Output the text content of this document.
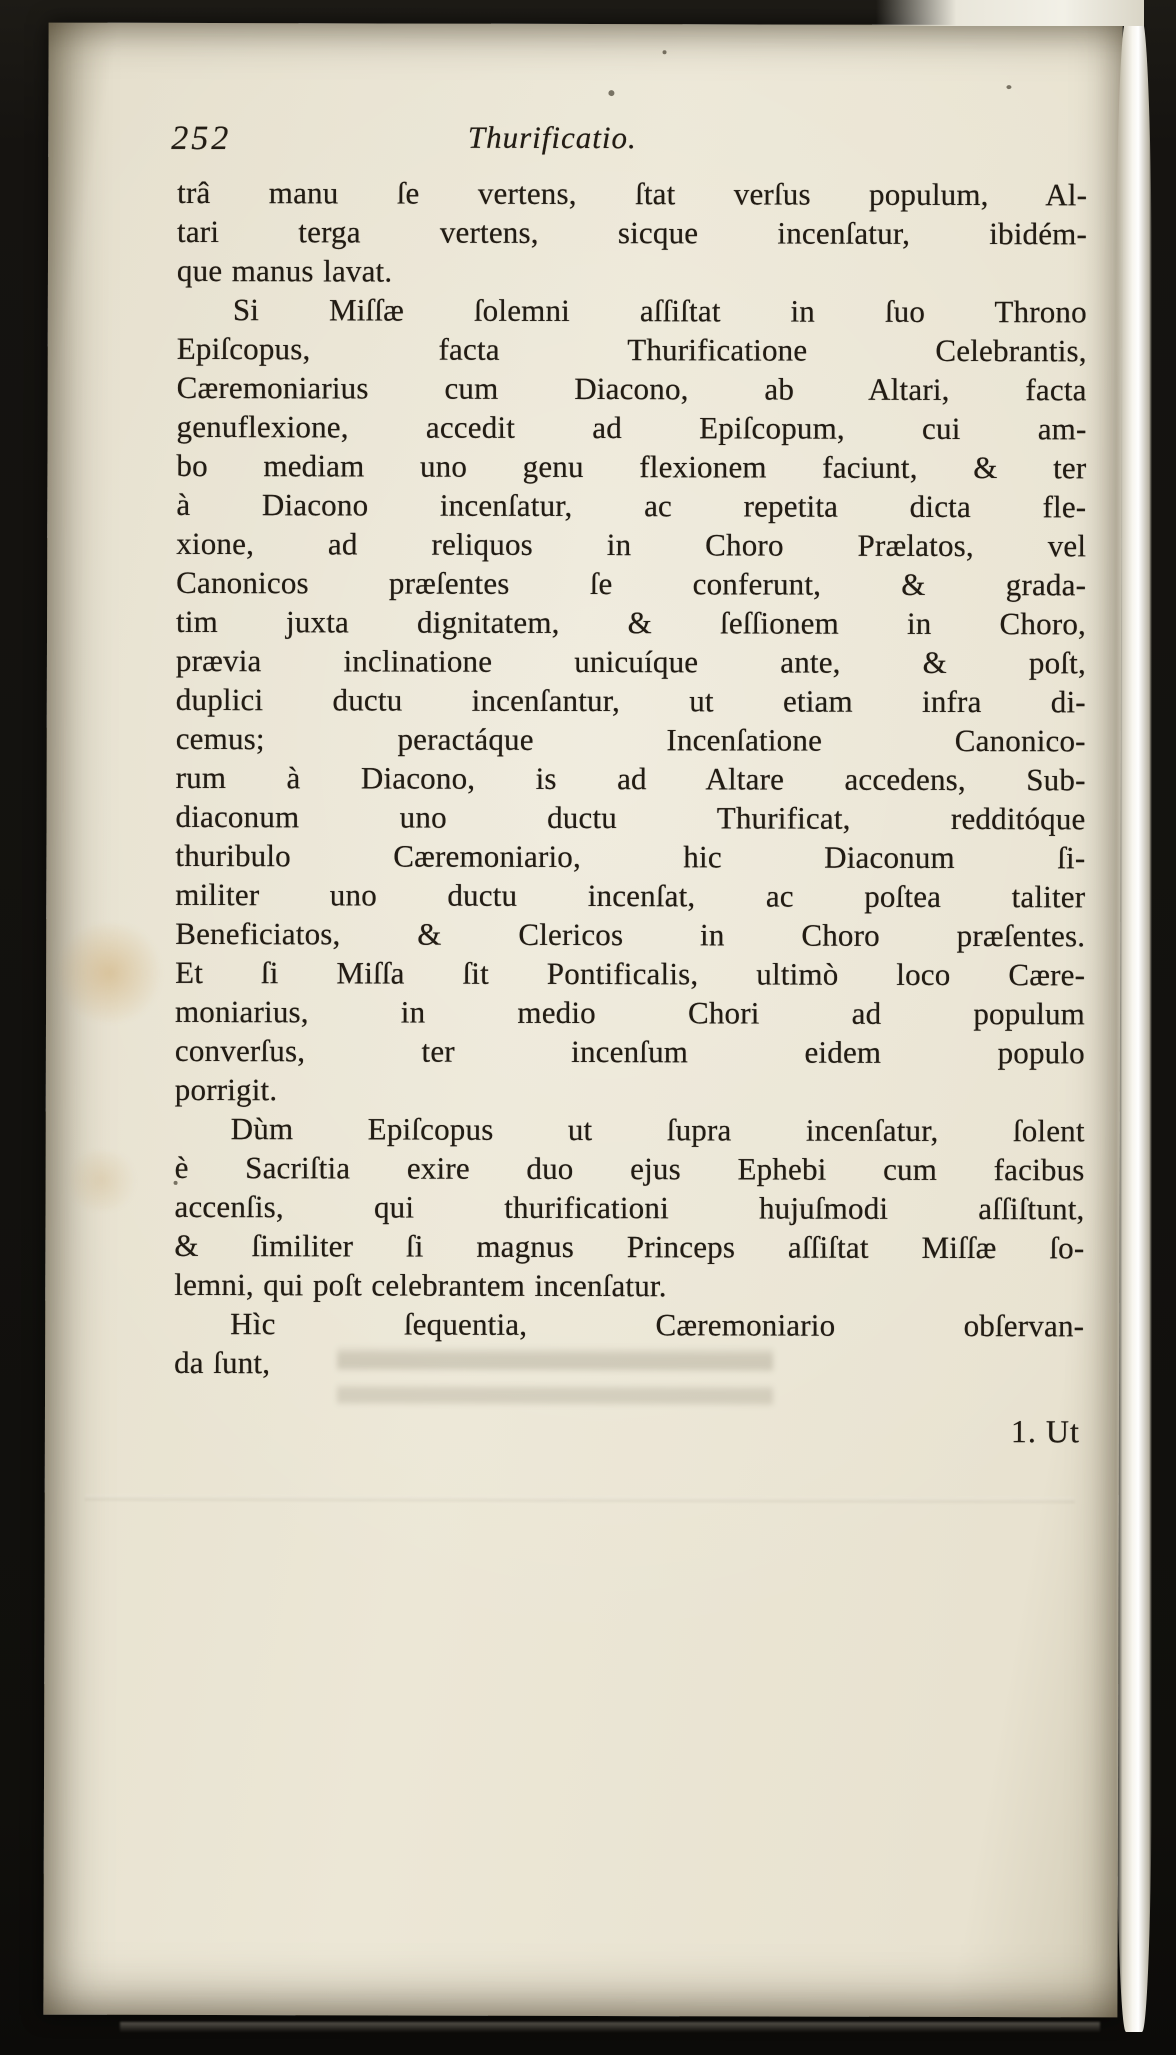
252	Thurificatio.
trâ manu ſe vertens, ſtat verſus populum, Al-
tari terga vertens, sicque incenſatur, ibidém-
que manus lavat.
Si Miſſæ ſolemni aſſiſtat in ſuo Throno
Epiſcopus, facta Thurificatione Celebrantis,
Cæremoniarius cum Diacono, ab Altari, facta
genuflexione, accedit ad Epiſcopum, cui am-
bo mediam uno genu flexionem faciunt, & ter
à Diacono incenſatur, ac repetita dicta fle-
xione, ad reliquos in Choro Prælatos, vel
Canonicos præſentes ſe conferunt, & grada-
tim juxta dignitatem, & ſeſſionem in Choro,
prævia inclinatione unicuíque ante, & poſt,
duplici ductu incenſantur, ut etiam infra di-
cemus; peractáque Incenſatione Canonico-
rum à Diacono, is ad Altare accedens, Sub-
diaconum uno ductu Thurificat, redditóque
thuribulo Cæremoniario, hic Diaconum ſi-
militer uno ductu incenſat, ac poſtea taliter
Beneficiatos, & Clericos in Choro præſentes.
Et ſi Miſſa ſit Pontificalis, ultimò loco Cære-
moniarius, in medio Chori ad populum
converſus, ter incenſum eidem populo
porrigit.
Dùm Epiſcopus ut ſupra incenſatur, ſolent
è Sacriſtia exire duo ejus Ephebi cum facibus
accenſis, qui thurificationi hujuſmodi aſſiſtunt,
& ſimiliter ſi magnus Princeps aſſiſtat Miſſæ ſo-
lemni, qui poſt celebrantem incenſatur.
Hìc ſequentia, Cæremoniario obſervan-
da ſunt,
1. Ut
